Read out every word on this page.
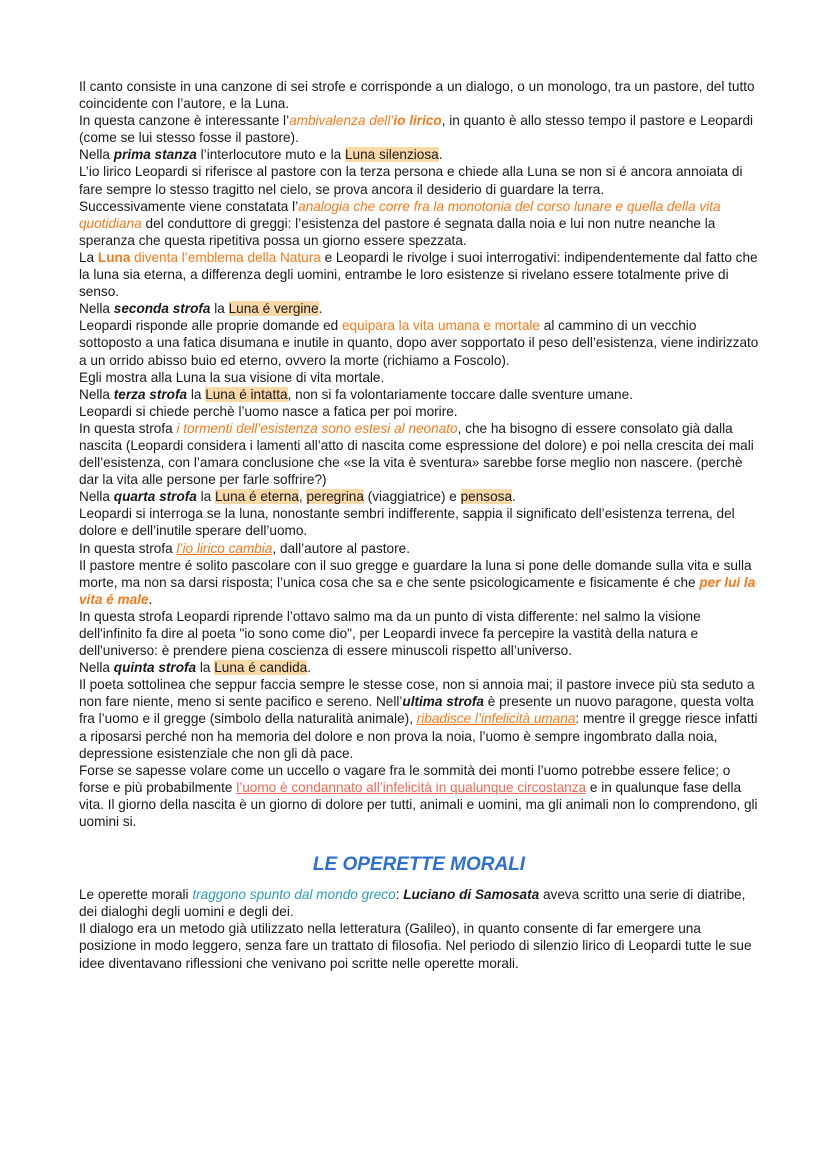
Il canto consiste in una canzone di sei strofe e corrisponde a un dialogo, o un monologo, tra un pastore, del tutto coincidente con l’autore, e la Luna.

In questa canzone è interessante l’ambivalenza dell’io lirico, in quanto è allo stesso tempo il pastore e Leopardi (come se lui stesso fosse il pastore).

Nella prima stanza l’interlocutore muto e la Luna silenziosa.

L’io lirico Leopardi si riferisce al pastore con la terza persona e chiede alla Luna se non si é ancora annoiata di fare sempre lo stesso tragitto nel cielo, se prova ancora il desiderio di guardare la terra.

Successivamente viene constatata l’analogia che corre fra la monotonia del corso lunare e quella della vita quotidiana del conduttore di greggi: l’esistenza del pastore é segnata dalla noia e lui non nutre neanche la speranza che questa ripetitiva possa un giorno essere spezzata.

La Luna diventa l’emblema della Natura e Leopardi le rivolge i suoi interrogativi: indipendentemente dal fatto che la luna sia eterna, a differenza degli uomini, entrambe le loro esistenze si rivelano essere totalmente prive di senso.

Nella seconda strofa la Luna é vergine.

Leopardi risponde alle proprie domande ed equipara la vita umana e mortale al cammino di un vecchio sottoposto a una fatica disumana e inutile in quanto, dopo aver sopportato il peso dell’esistenza, viene indirizzato a un orrido abisso buio ed eterno, ovvero la morte (richiamo a Foscolo).

Egli mostra alla Luna la sua visione di vita mortale.

Nella terza strofa la Luna é intatta, non si fa volontariamente toccare dalle sventure umane.

Leopardi si chiede perchè l’uomo nasce a fatica per poi morire.

In questa strofa i tormenti dell’esistenza sono estesi al neonato, che ha bisogno di essere consolato già dalla nascita (Leopardi considera i lamenti all’atto di nascita come espressione del dolore) e poi nella crescita dei mali dell’esistenza, con l’amara conclusione che «se la vita è sventura» sarebbe forse meglio non nascere. (perchè dar la vita alle persone per farle soffrire?)

Nella quarta strofa la Luna é eterna, peregrina (viaggiatrice) e pensosa.

Leopardi si interroga se la luna, nonostante sembri indifferente, sappia il significato dell’esistenza terrena, del dolore e dell’inutile sperare dell’uomo.

In questa strofa l’io lirico cambia, dall’autore al pastore.

Il pastore mentre é solito pascolare con il suo gregge e guardare la luna si pone delle domande sulla vita e sulla morte, ma non sa darsi risposta; l’unica cosa che sa e che sente psicologicamente e fisicamente é che per lui la vita é male.

In questa strofa Leopardi riprende l’ottavo salmo ma da un punto di vista differente: nel salmo la visione dell'infinito fa dire al poeta "io sono come dio", per Leopardi invece fa percepire la vastità della natura e dell'universo: è prendere piena coscienza di essere minuscoli rispetto all’universo.

Nella quinta strofa la Luna é candida.

Il poeta sottolinea che seppur faccia sempre le stesse cose, non si annoia mai; il pastore invece più sta seduto a non fare niente, meno si sente pacifico e sereno. Nell’ultima strofa è presente un nuovo paragone, questa volta fra l’uomo e il gregge (simbolo della naturalità animale), ribadisce l’infelicità umana: mentre il gregge riesce infatti a riposarsi perché non ha memoria del dolore e non prova la noia, l’uomo è sempre ingombrato dalla noia, depressione esistenziale che non gli dà pace.

Forse se sapesse volare come un uccello o vagare fra le sommità dei monti l’uomo potrebbe essere felice; o forse e più probabilmente l’uomo è condannato all’infelicità in qualunque circostanza e in qualunque fase della vita. Il giorno della nascita è un giorno di dolore per tutti, animali e uomini, ma gli animali non lo comprendono, gli uomini si.

LE OPERETTE MORALI

Le operette morali traggono spunto dal mondo greco: Luciano di Samosata aveva scritto una serie di diatribe, dei dialoghi degli uomini e degli dei.

Il dialogo era un metodo già utilizzato nella letteratura (Galileo), in quanto consente di far emergere una posizione in modo leggero, senza fare un trattato di filosofia. Nel periodo di silenzio lirico di Leopardi tutte le sue idee diventavano riflessioni che venivano poi scritte nelle operette morali.
